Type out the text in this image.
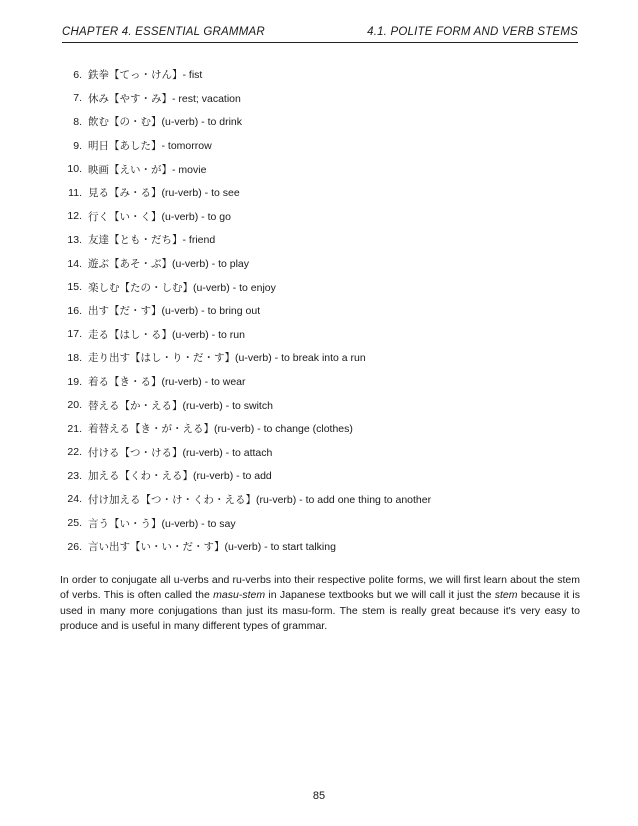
CHAPTER 4. ESSENTIAL GRAMMAR	4.1. POLITE FORM AND VERB STEMS
6. 鉄拳【てっ・けん】- fist
7. 休み【やす・み】- rest; vacation
8. 飲む【の・む】(u-verb) - to drink
9. 明日【あした】- tomorrow
10. 映画【えい・が】- movie
11. 見る【み・る】(ru-verb) - to see
12. 行く【い・く】(u-verb) - to go
13. 友達【とも・だち】- friend
14. 遊ぶ【あそ・ぶ】(u-verb) - to play
15. 楽しむ【たの・しむ】(u-verb) - to enjoy
16. 出す【だ・す】(u-verb) - to bring out
17. 走る【はし・る】(u-verb) - to run
18. 走り出す【はし・り・だ・す】(u-verb) - to break into a run
19. 着る【き・る】(ru-verb) - to wear
20. 替える【か・える】(ru-verb) - to switch
21. 着替える【き・が・える】(ru-verb) - to change (clothes)
22. 付ける【つ・ける】(ru-verb) - to attach
23. 加える【くわ・える】(ru-verb) - to add
24. 付け加える【つ・け・くわ・える】(ru-verb) - to add one thing to another
25. 言う【い・う】(u-verb) - to say
26. 言い出す【い・い・だ・す】(u-verb) - to start talking

In order to conjugate all u-verbs and ru-verbs into their respective polite forms, we will first learn about the stem of verbs. This is often called the masu-stem in Japanese textbooks but we will call it just the stem because it is used in many more conjugations than just its masu-form. The stem is really great because it's very easy to produce and is useful in many different types of grammar.

85
